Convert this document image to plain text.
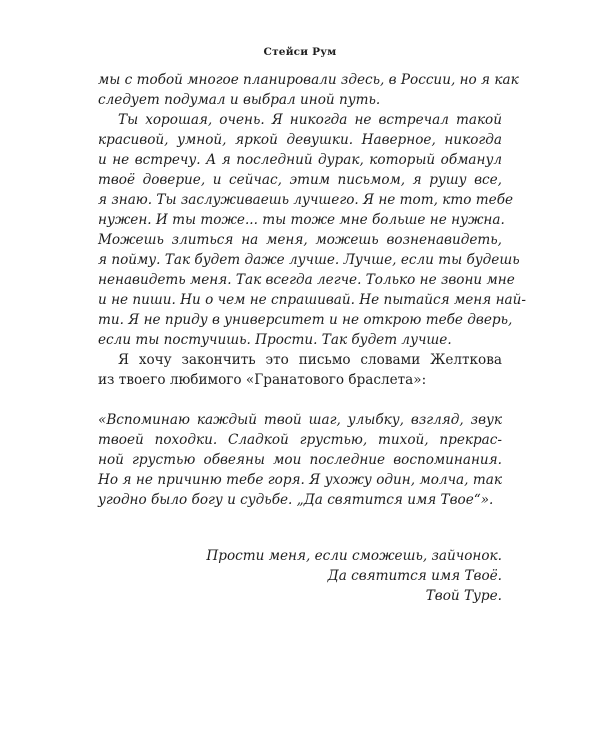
Стейси Рум
мы с тобой многое планировали здесь, в России, но я как
следует подумал и выбрал иной путь.
Ты хорошая, очень. Я никогда не встречал такой
красивой, умной, яркой девушки. Наверное, никогда
и не встречу. А я последний дурак, который обманул
твоё доверие, и сейчас, этим письмом, я рушу все,
я знаю. Ты заслуживаешь лучшего. Я не тот, кто тебе
нужен. И ты тоже... ты тоже мне больше не нужна.
Можешь злиться на меня, можешь возненавидеть,
я пойму. Так будет даже лучше. Лучше, если ты будешь
ненавидеть меня. Так всегда легче. Только не звони мне
и не пиши. Ни о чем не спрашивай. Не пытайся меня най-
ти. Я не приду в университет и не открою тебе дверь,
если ты постучишь. Прости. Так будет лучше.
Я хочу закончить это письмо словами Желткова
из твоего любимого «Гранатового браслета»:
«Вспоминаю каждый твой шаг, улыбку, взгляд, звук
твоей походки. Сладкой грустью, тихой, прекрас-
ной грустью обвеяны мои последние воспоминания.
Но я не причиню тебе горя. Я ухожу один, молча, так
угодно было богу и судьбе. „Да святится имя Твое“».
Прости меня, если сможешь, зайчонок.
Да святится имя Твоё.
Твой Туре.
